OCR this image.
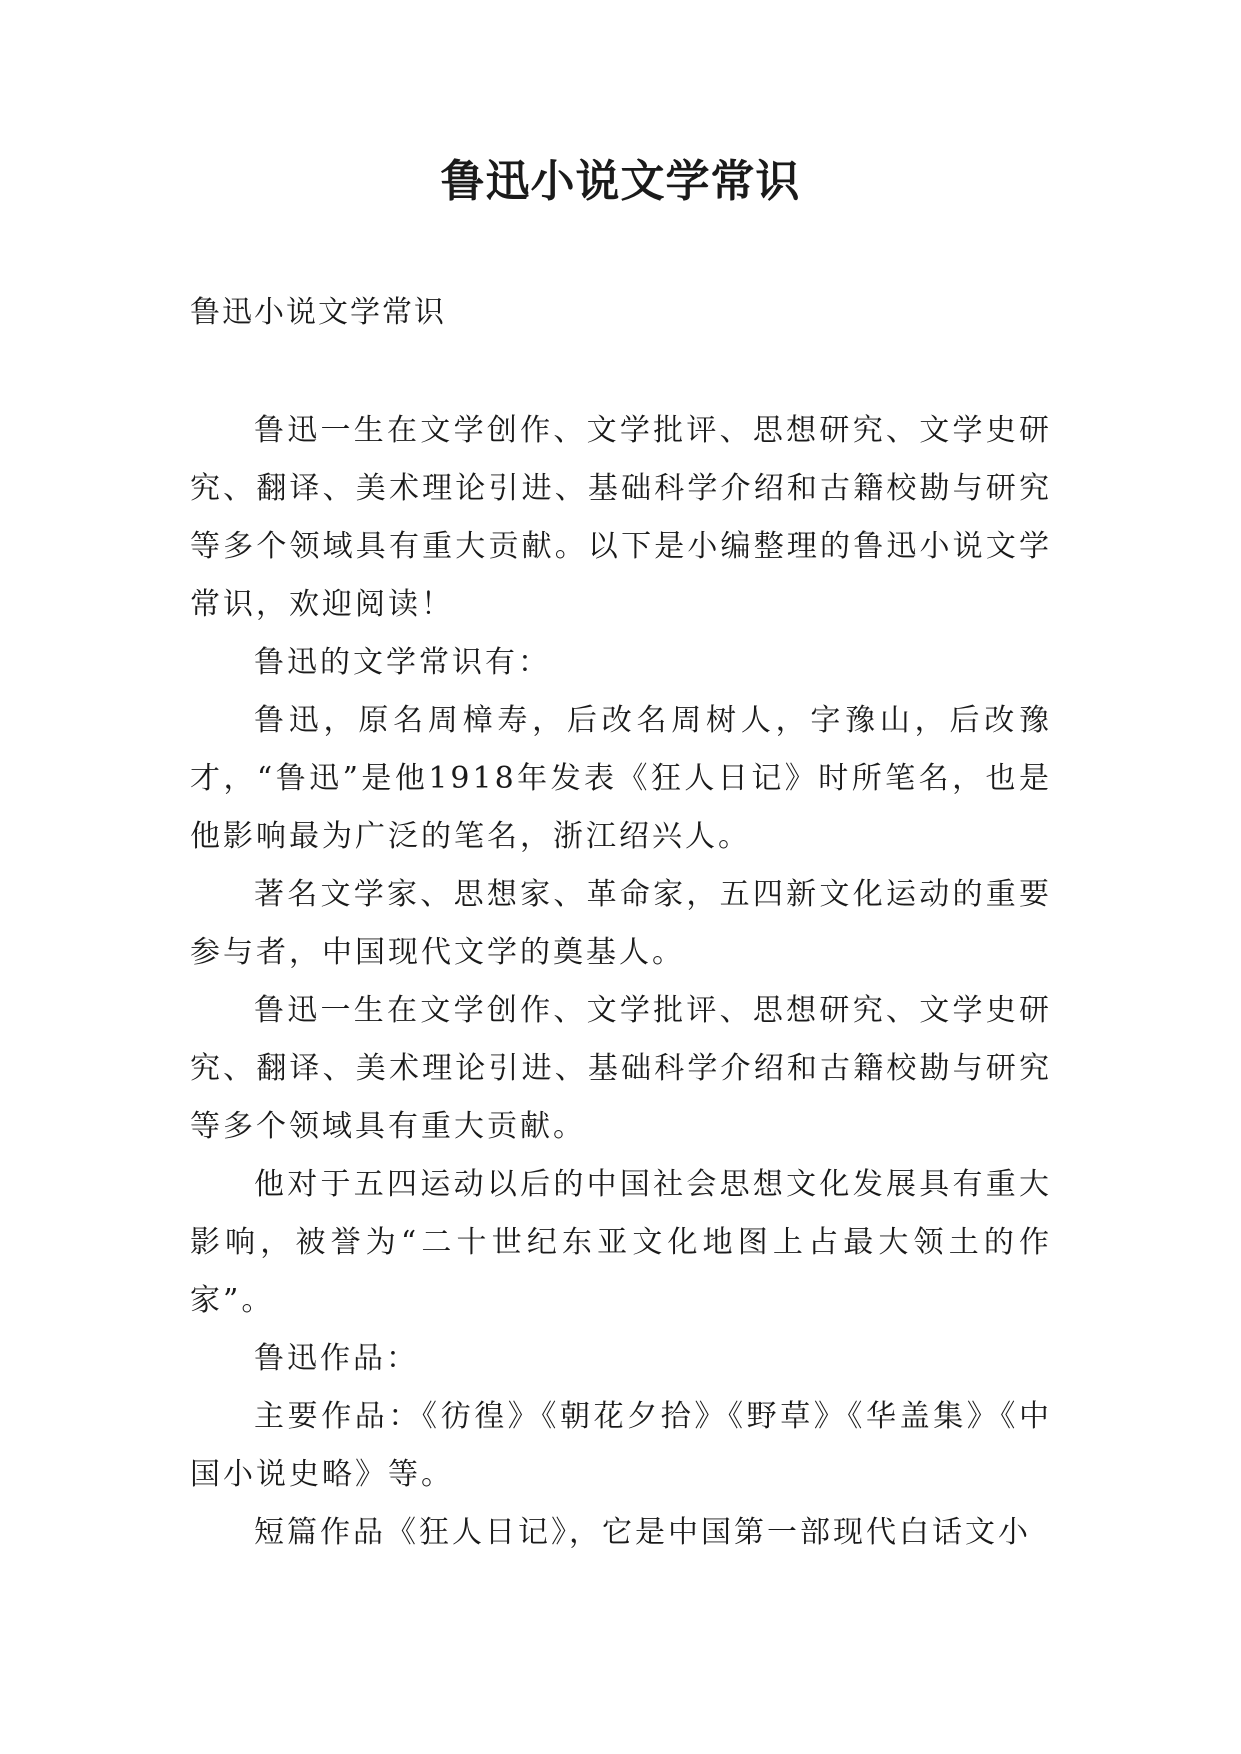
鲁迅小说文学常识
鲁迅小说文学常识

鲁迅一生在文学创作、文学批评、思想研究、文学史研究、翻译、美术理论引进、基础科学介绍和古籍校勘与研究等多个领域具有重大贡献。以下是小编整理的鲁迅小说文学常识，欢迎阅读！

鲁迅的文学常识有：

鲁迅，原名周樟寿，后改名周树人，字豫山，后改豫才，“鲁迅”是他1918年发表《狂人日记》时所笔名，也是他影响最为广泛的笔名，浙江绍兴人。

著名文学家、思想家、革命家，五四新文化运动的重要参与者，中国现代文学的奠基人。

鲁迅一生在文学创作、文学批评、思想研究、文学史研究、翻译、美术理论引进、基础科学介绍和古籍校勘与研究等多个领域具有重大贡献。

他对于五四运动以后的中国社会思想文化发展具有重大影响，被誉为“二十世纪东亚文化地图上占最大领土的作家”。

鲁迅作品：

主要作品：《彷徨》《朝花夕拾》《野草》《华盖集》《中国小说史略》等。

短篇作品《狂人日记》，它是中国第一部现代白话文小
